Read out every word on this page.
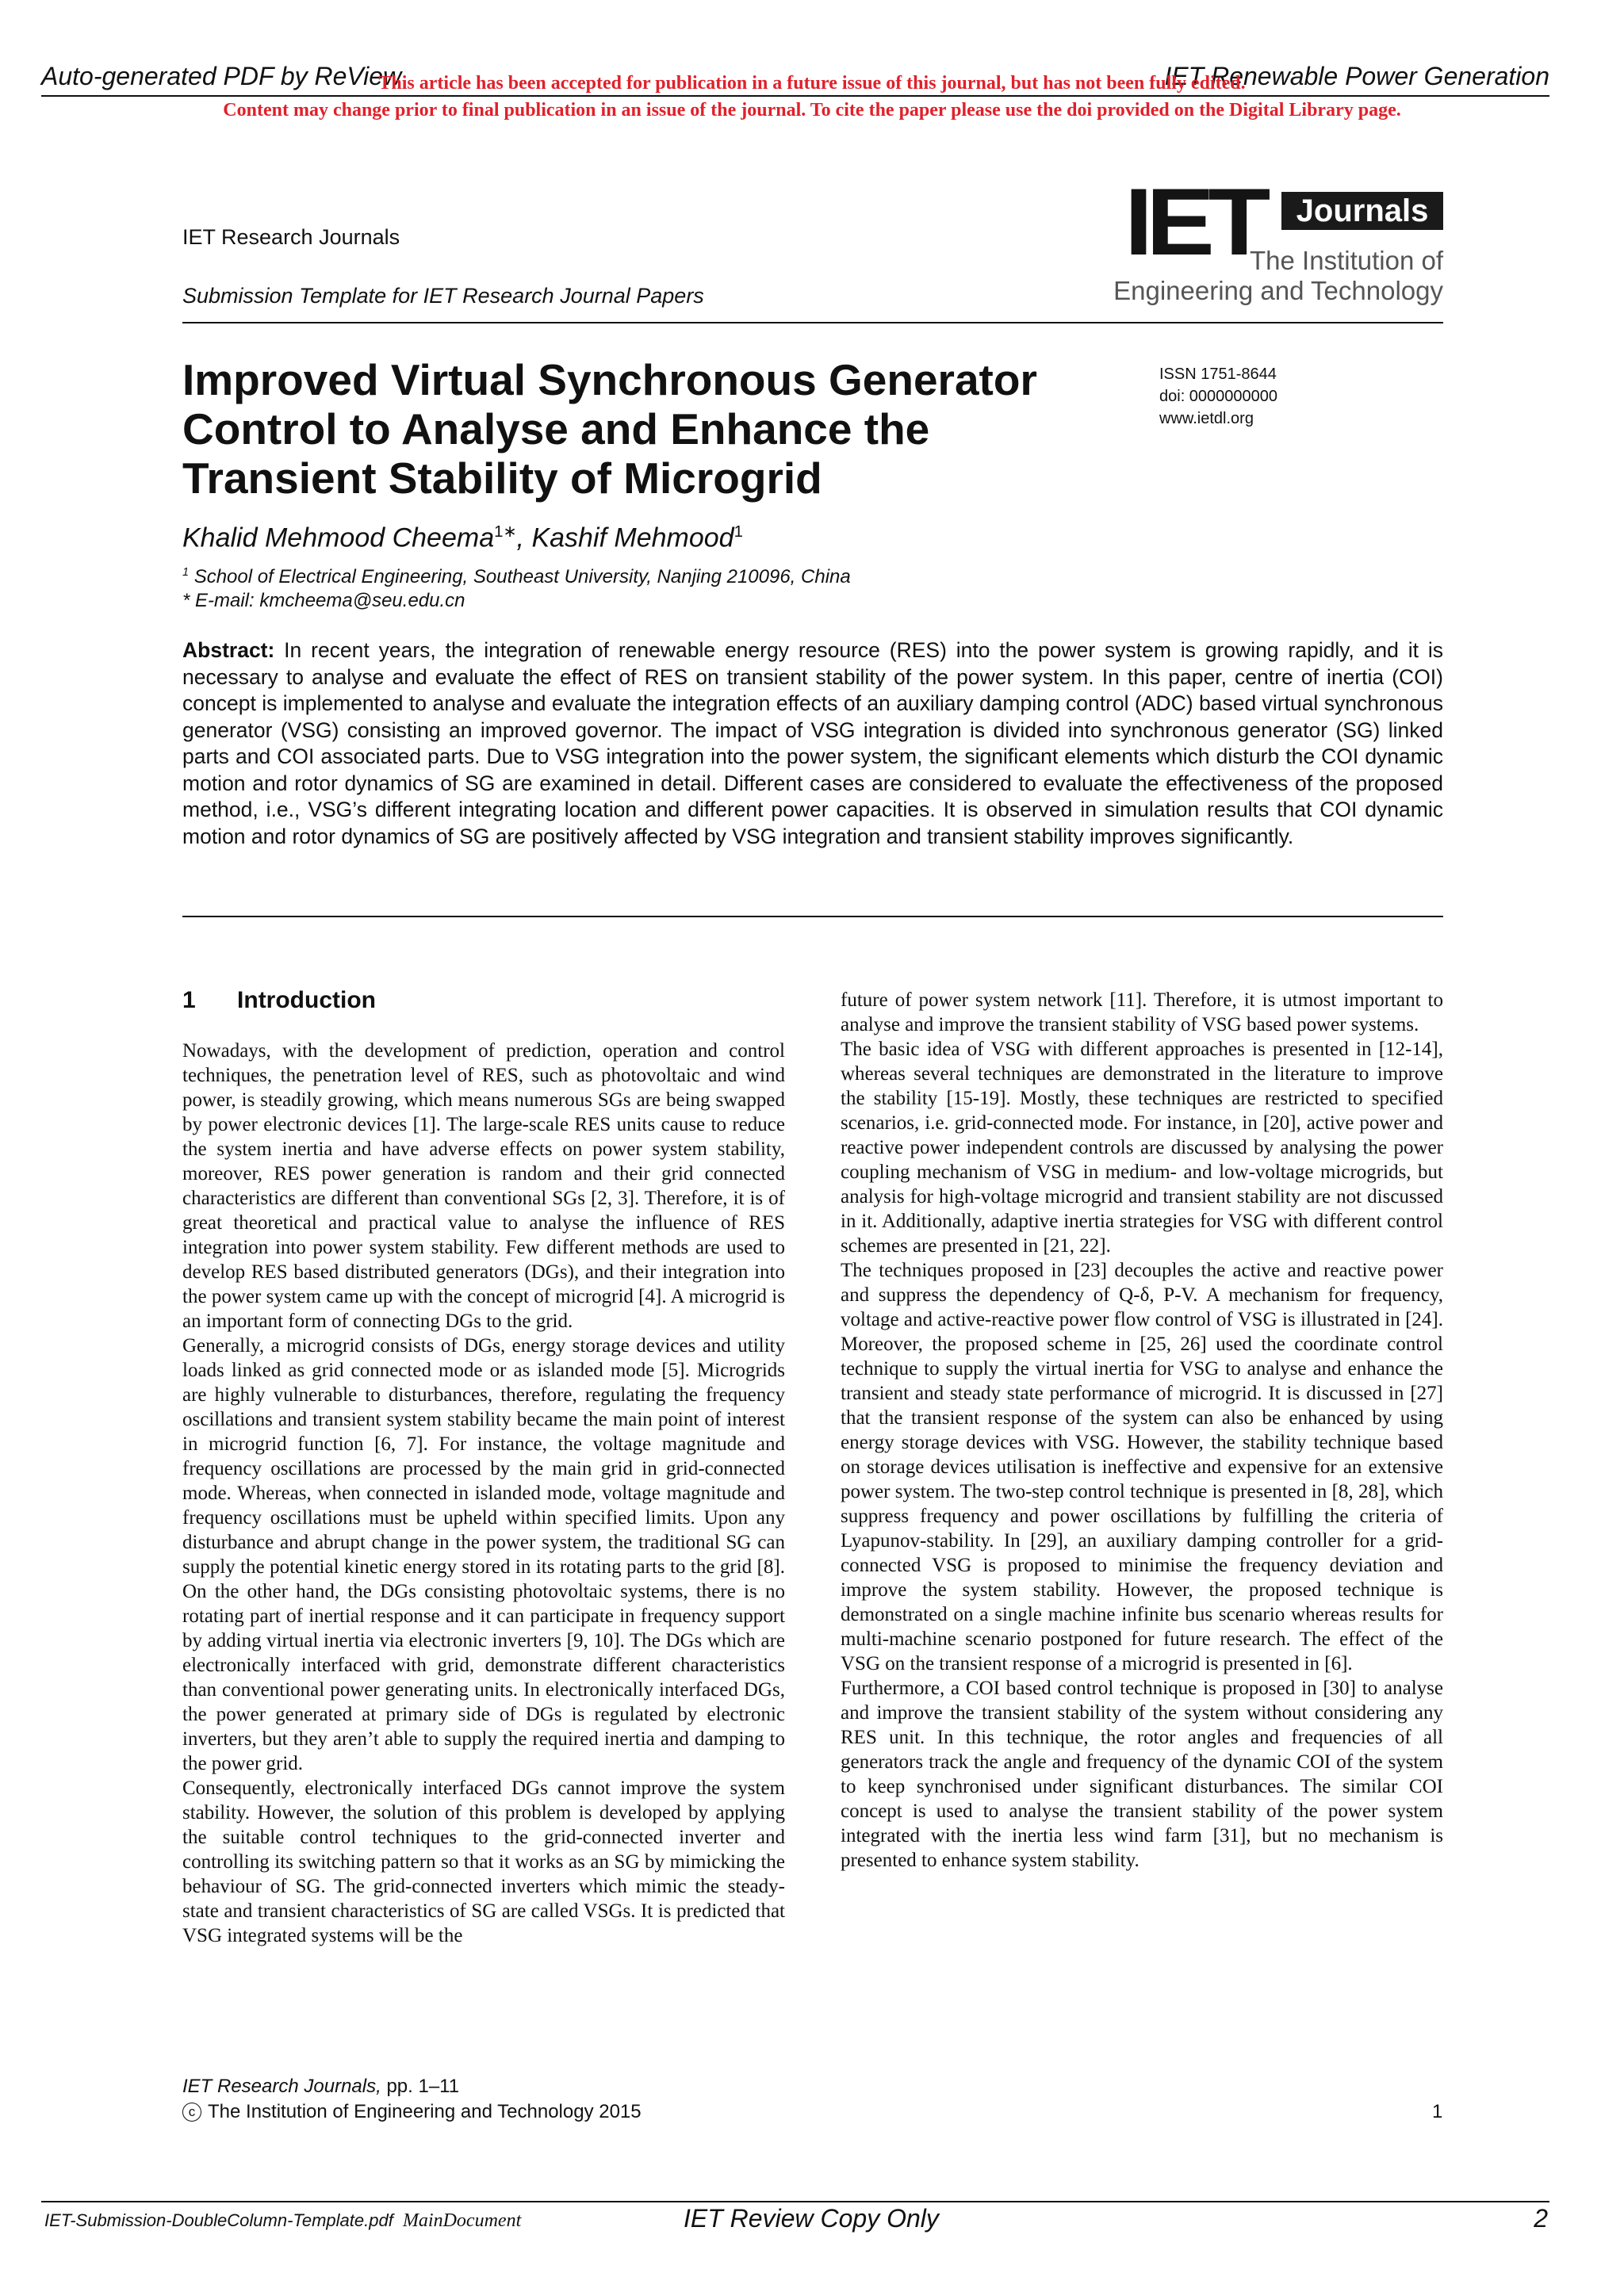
Auto-generated PDF by ReView	IET Renewable Power Generation
This article has been accepted for publication in a future issue of this journal, but has not been fully edited.
Content may change prior to final publication in an issue of the journal. To cite the paper please use the doi provided on the Digital Library page.
IET Research Journals
Submission Template for IET Research Journal Papers
IET	Journals
The Institution of
Engineering and Technology
Improved Virtual Synchronous Generator
Control to Analyse and Enhance the
Transient Stability of Microgrid
ISSN 1751-8644
doi: 0000000000
www.ietdl.org
Khalid Mehmood Cheema$^{1∗}$, Kashif Mehmood$^1$
$^1$ School of Electrical Engineering, Southeast University, Nanjing 210096, China
* E-mail: kmcheema@seu.edu.cn
Abstract: In recent years, the integration of renewable energy resource (RES) into the power system is growing rapidly, and it is necessary to analyse and evaluate the effect of RES on transient stability of the power system. In this paper, centre of inertia (COI) concept is implemented to analyse and evaluate the integration effects of an auxiliary damping control (ADC) based virtual synchronous generator (VSG) consisting an improved governor. The impact of VSG integration is divided into synchronous generator (SG) linked parts and COI associated parts. Due to VSG integration into the power system, the significant elements which disturb the COI dynamic motion and rotor dynamics of SG are examined in detail. Different cases are considered to evaluate the effectiveness of the proposed method, i.e., VSG’s different integrating location and different power capacities. It is observed in simulation results that COI dynamic motion and rotor dynamics of SG are positively affected by VSG integration and transient stability improves significantly.
1 Introduction

Nowadays, with the development of prediction, operation and control techniques, the penetration level of RES, such as photovoltaic and wind power, is steadily growing, which means numerous SGs are being swapped by power electronic devices [1]. The large-scale RES units cause to reduce the system inertia and have adverse effects on power system stability, moreover, RES power generation is random and their grid connected characteristics are different than conventional SGs [2, 3]. Therefore, it is of great theoretical and practical value to analyse the influence of RES integration into power system stability. Few different methods are used to develop RES based distributed generators (DGs), and their integration into the power system came up with the concept of microgrid [4]. A microgrid is an important form of connecting DGs to the grid.

Generally, a microgrid consists of DGs, energy storage devices and utility loads linked as grid connected mode or as islanded mode [5]. Microgrids are highly vulnerable to disturbances, therefore, regulating the frequency oscillations and transient system stability became the main point of interest in microgrid function [6, 7]. For instance, the voltage magnitude and frequency oscillations are processed by the main grid in grid-connected mode. Whereas, when connected in islanded mode, voltage magnitude and frequency oscillations must be upheld within specified limits. Upon any disturbance and abrupt change in the power system, the traditional SG can supply the potential kinetic energy stored in its rotating parts to the grid [8]. On the other hand, the DGs consisting photovoltaic systems, there is no rotating part of inertial response and it can participate in frequency support by adding virtual inertia via electronic inverters [9, 10]. The DGs which are electronically interfaced with grid, demonstrate different characteristics than conventional power generating units. In electronically interfaced DGs, the power generated at primary side of DGs is regulated by electronic inverters, but they aren’t able to supply the required inertia and damping to the power grid.

Consequently, electronically interfaced DGs cannot improve the system stability. However, the solution of this problem is developed by applying the suitable control techniques to the grid-connected inverter and controlling its switching pattern so that it works as an SG by mimicking the behaviour of SG. The grid-connected inverters which mimic the steady-state and transient characteristics of SG are called VSGs. It is predicted that VSG integrated systems will be the

future of power system network [11]. Therefore, it is utmost important to analyse and improve the transient stability of VSG based power systems.

The basic idea of VSG with different approaches is presented in [12-14], whereas several techniques are demonstrated in the literature to improve the stability [15-19]. Mostly, these techniques are restricted to specified scenarios, i.e. grid-connected mode. For instance, in [20], active power and reactive power independent controls are discussed by analysing the power coupling mechanism of VSG in medium- and low-voltage microgrids, but analysis for high-voltage microgrid and transient stability are not discussed in it. Additionally, adaptive inertia strategies for VSG with different control schemes are presented in [21, 22].

The techniques proposed in [23] decouples the active and reactive power and suppress the dependency of Q-δ, P-V. A mechanism for frequency, voltage and active-reactive power flow control of VSG is illustrated in [24]. Moreover, the proposed scheme in [25, 26] used the coordinate control technique to supply the virtual inertia for VSG to analyse and enhance the transient and steady state performance of microgrid. It is discussed in [27] that the transient response of the system can also be enhanced by using energy storage devices with VSG. However, the stability technique based on storage devices utilisation is ineffective and expensive for an extensive power system. The two-step control technique is presented in [8, 28], which suppress frequency and power oscillations by fulfilling the criteria of Lyapunov-stability. In [29], an auxiliary damping controller for a grid-connected VSG is proposed to minimise the frequency deviation and improve the system stability. However, the proposed technique is demonstrated on a single machine infinite bus scenario whereas results for multi-machine scenario postponed for future research. The effect of the VSG on the transient response of a microgrid is presented in [6].

Furthermore, a COI based control technique is proposed in [30] to analyse and improve the transient stability of the system without considering any RES unit. In this technique, the rotor angles and frequencies of all generators track the angle and frequency of the dynamic COI of the system to keep synchronised under significant disturbances. The similar COI concept is used to analyse the transient stability of the power system integrated with the inertia less wind farm [31], but no mechanism is presented to enhance system stability.

IET Research Journals, pp. 1–11
c The Institution of Engineering and Technology 2015	1
IET-Submission-DoubleColumn-Template.pdf MainDocument	IET Review Copy Only	2
